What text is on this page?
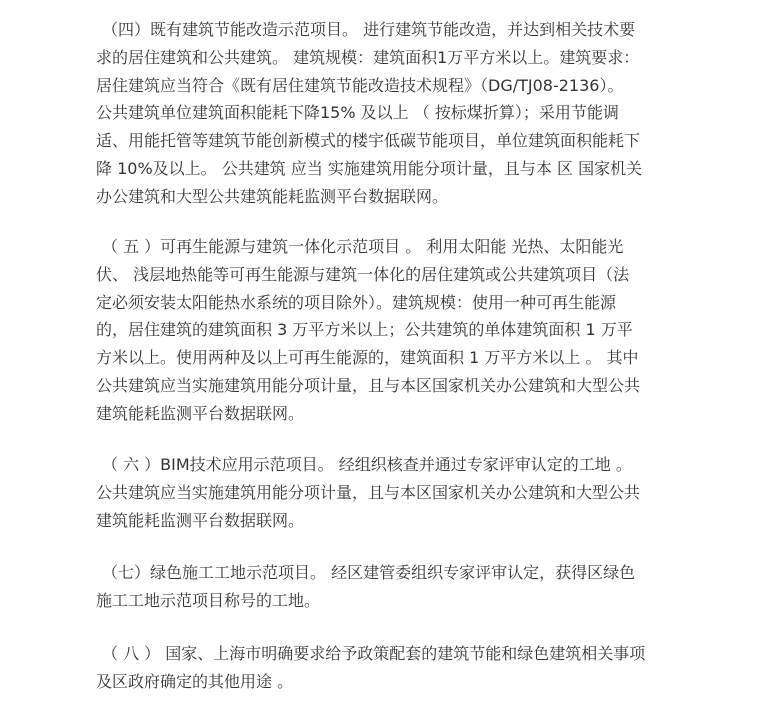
（四）既有建筑节能改造示范项目。 进行建筑节能改造，并达到相关技术要
求的居住建筑和公共建筑。 建筑规模：建筑面积1万平方米以上。建筑要求：
居住建筑应当符合《既有居住建筑节能改造技术规程》（DG/TJ08-2136）。
公共建筑单位建筑面积能耗下降15% 及以上 （ 按标煤折算）；采用节能调
适、用能托管等建筑节能创新模式的楼宇低碳节能项目，单位建筑面积能耗下
降 10%及以上。 公共建筑 应当 实施建筑用能分项计量，且与本 区 国家机关
办公建筑和大型公共建筑能耗监测平台数据联网。
（ 五 ）可再生能源与建筑一体化示范项目 。 利用太阳能 光热、太阳能光
伏、 浅层地热能等可再生能源与建筑一体化的居住建筑或公共建筑项目（法
定必须安装太阳能热水系统的项目除外）。建筑规模：使用一种可再生能源
的，居住建筑的建筑面积 3 万平方米以上；公共建筑的单体建筑面积 1 万平
方米以上。使用两种及以上可再生能源的，建筑面积 1 万平方米以上 。 其中
公共建筑应当实施建筑用能分项计量，且与本区国家机关办公建筑和大型公共
建筑能耗监测平台数据联网。
（ 六 ）BIM技术应用示范项目。 经组织核查并通过专家评审认定的工地 。
公共建筑应当实施建筑用能分项计量，且与本区国家机关办公建筑和大型公共
建筑能耗监测平台数据联网。
（七）绿色施工工地示范项目。 经区建管委组织专家评审认定，获得区绿色
施工工地示范项目称号的工地。
（ 八 ） 国家、上海市明确要求给予政策配套的建筑节能和绿色建筑相关事项
及区政府确定的其他用途 。
